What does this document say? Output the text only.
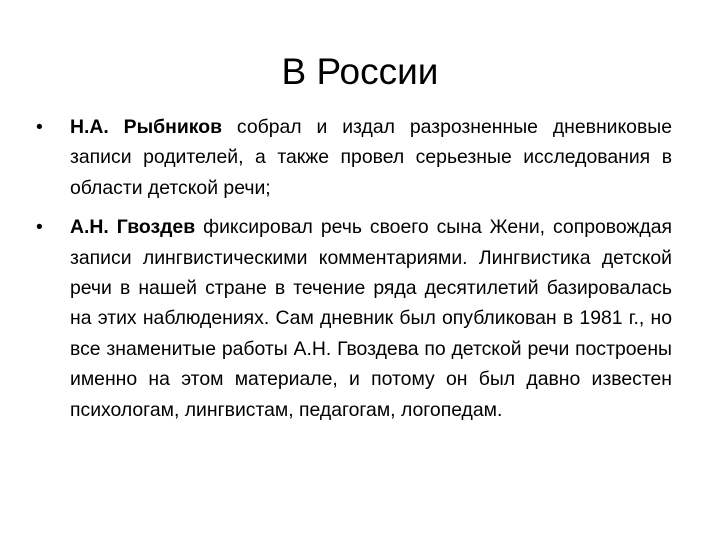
В России
•	Н.А. Рыбников собрал и издал разрозненные дневниковые записи родителей, а также провел серьезные исследования в области детской речи;
•	А.Н. Гвоздев фиксировал речь своего сына Жени, сопровождая записи лингвистическими комментариями. Лингвистика детской речи в нашей стране в течение ряда десятилетий базировалась на этих наблюдениях. Сам дневник был опубликован в 1981 г., но все знаменитые работы А.Н. Гвоздева по детской речи построены именно на этом материале, и потому он был давно известен психологам, лингвистам, педагогам, логопедам.
